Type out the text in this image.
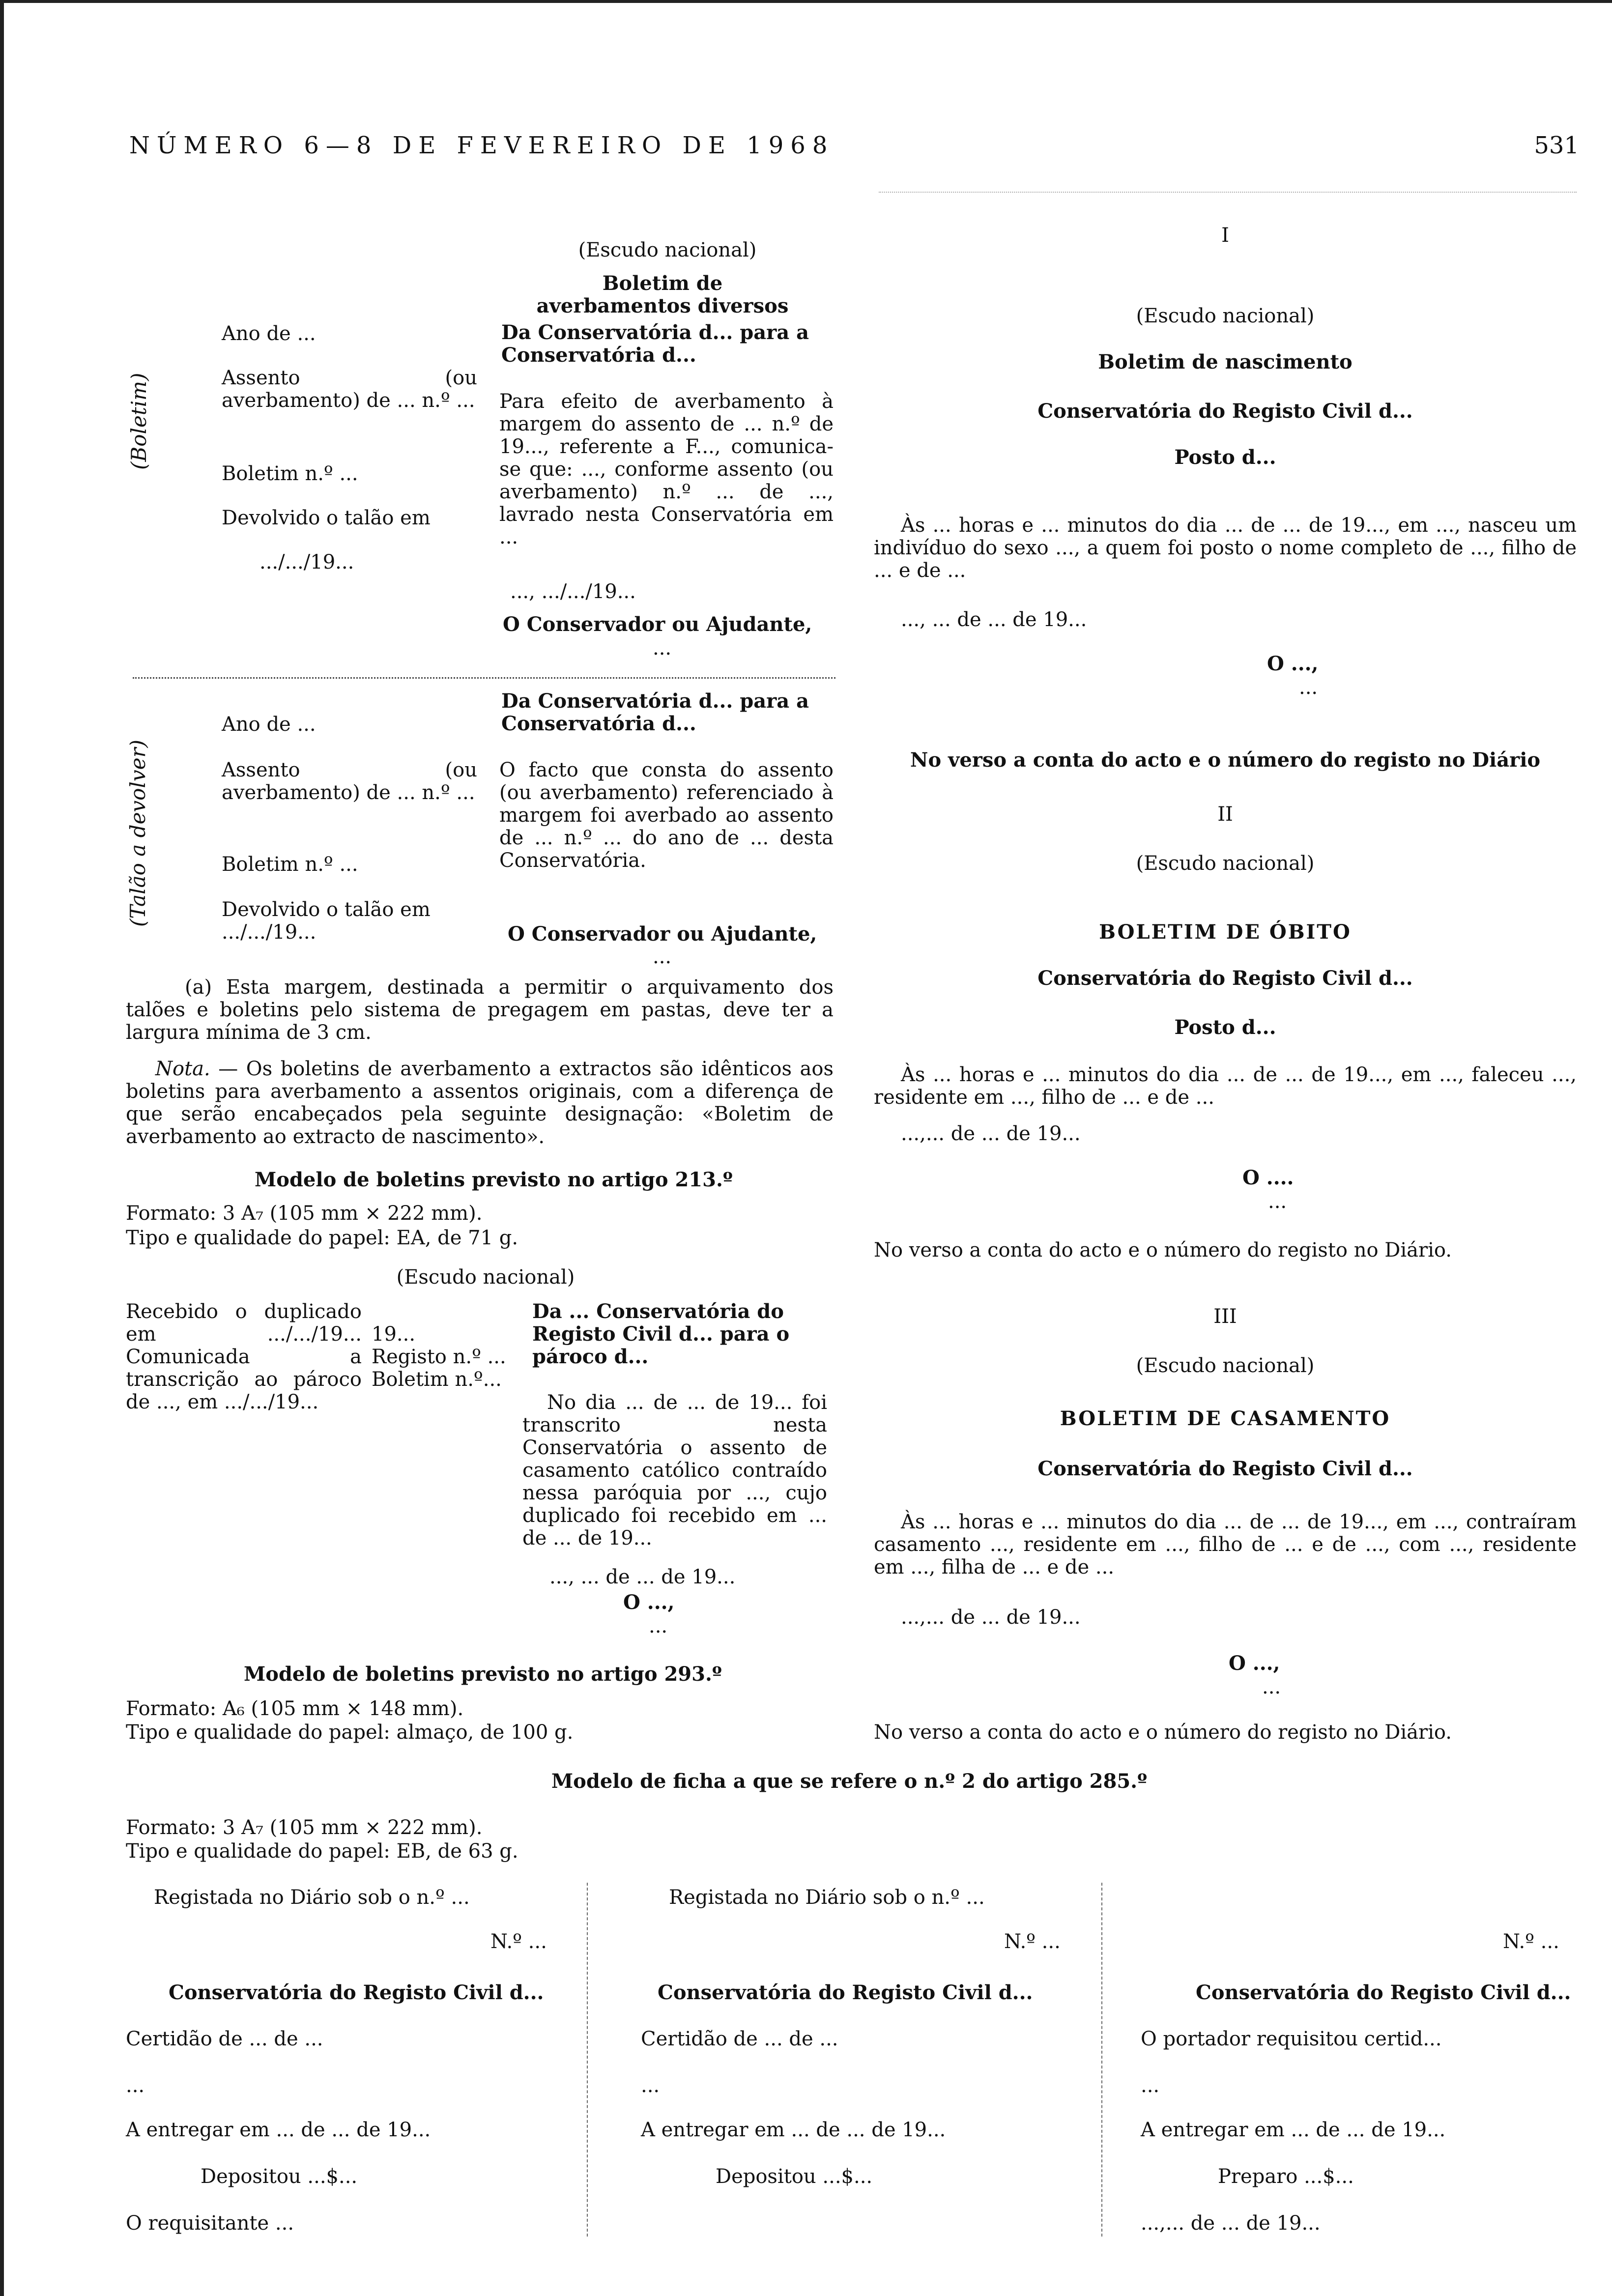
NÚMERO 6—8 DE FEVEREIRO DE 1968	531
(Escudo nacional)
Boletim de averbamentos diversos
Da Conservatória d... para a Conservatória d...
(Boletim)
Ano de ...
Assento (ou averbamento) de ... n.º ...
Boletim n.º ...
Devolvido o talão em
.../.../19...
Para efeito de averbamento à margem do assento de ... n.º de 19..., referente a F..., comunica-se que: ..., conforme assento (ou averbamento) n.º ... de ..., lavrado nesta Conservatória em ...
..., .../.../19...
O Conservador ou Ajudante,
...
Da Conservatória d... para a Conservatória d...
(Talão a devolver)
Ano de ...
Assento (ou averbamento) de ... n.º ...
Boletim n.º ...
Devolvido o talão em .../.../19...
O facto que consta do assento (ou averbamento) referenciado à margem foi averbado ao assento de ... n.º ... do ano de ... desta Conservatória.
O Conservador ou Ajudante,
...
(a) Esta margem, destinada a permitir o arquivamento dos talões e boletins pelo sistema de pregagem em pastas, deve ter a largura mínima de 3 cm.
Nota. — Os boletins de averbamento a extractos são idênticos aos boletins para averbamento a assentos originais, com a diferença de que serão encabeçados pela seguinte designação: «Boletim de averbamento ao extracto de nascimento».
Modelo de boletins previsto no artigo 213.º
Formato: 3 A₇ (105 mm × 222 mm).
Tipo e qualidade do papel: EA, de 71 g.
(Escudo nacional)
Recebido o duplicado em .../.../19... Comunicada a transcrição ao pároco de ..., em .../.../19...
19...
Registo n.º ...
Boletim n.º...
Da ... Conservatória do Registo Civil d... para o pároco d...
No dia ... de ... de 19... foi transcrito nesta Conservatória o assento de casamento católico contraído nessa paróquia por ..., cujo duplicado foi recebido em ... de ... de 19...
..., ... de ... de 19...
O ...,
...
Modelo de boletins previsto no artigo 293.º
Formato: A₆ (105 mm × 148 mm).
Tipo e qualidade do papel: almaço, de 100 g.
I
(Escudo nacional)
Boletim de nascimento
Conservatória do Registo Civil d...
Posto d...
Às ... horas e ... minutos do dia ... de ... de 19..., em ..., nasceu um indivíduo do sexo ..., a quem foi posto o nome completo de ..., filho de ... e de ...
..., ... de ... de 19...
O ...,
...
No verso a conta do acto e o número do registo no Diário
II
(Escudo nacional)
BOLETIM DE ÓBITO
Conservatória do Registo Civil d...
Posto d...
Às ... horas e ... minutos do dia ... de ... de 19..., em ..., faleceu ..., residente em ..., filho de ... e de ...
...,... de ... de 19...
O ....
...
No verso a conta do acto e o número do registo no Diário.
III
(Escudo nacional)
BOLETIM DE CASAMENTO
Conservatória do Registo Civil d...
Às ... horas e ... minutos do dia ... de ... de 19..., em ..., contraíram casamento ..., residente em ..., filho de ... e de ..., com ..., residente em ..., filha de ... e de ...
...,... de ... de 19...
O ...,
...
No verso a conta do acto e o número do registo no Diário.
Modelo de ficha a que se refere o n.º 2 do artigo 285.º
Formato: 3 A₇ (105 mm × 222 mm).
Tipo e qualidade do papel: EB, de 63 g.
Registada no Diário sob o n.º ...
N.º ...
Conservatória do Registo Civil d...
Certidão de ... de ...
...
A entregar em ... de ... de 19...
Depositou ...$...
O requisitante ...
Registada no Diário sob o n.º ...
N.º ...
Conservatória do Registo Civil d...
Certidão de ... de ...
...
A entregar em ... de ... de 19...
Depositou ...$...
N.º ...
Conservatória do Registo Civil d...
O portador requisitou certid...
...
A entregar em ... de ... de 19...
Preparo ...$...
...,... de ... de 19...
